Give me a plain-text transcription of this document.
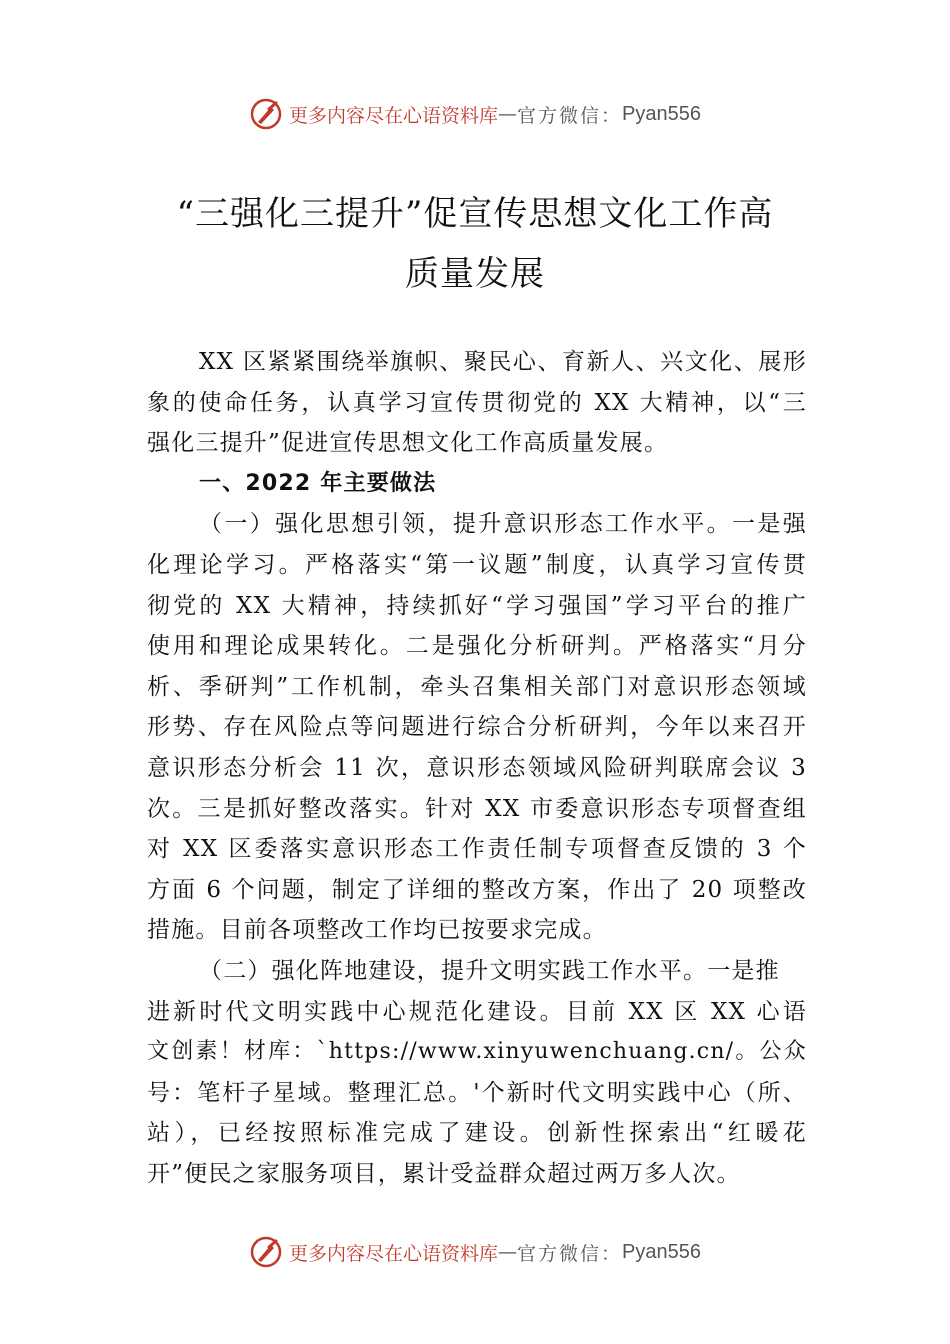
更多内容尽在心语资料库 — 官方微信： Pyan556
“三强化三提升”促宣传思想文化工作高
质量发展
XX 区紧紧围绕举旗帜、聚民心、育新人、兴文化、展形
象的使命任务，认真学习宣传贯彻党的 XX 大精神，以“三
强化三提升”促进宣传思想文化工作高质量发展。
一、2022 年主要做法
（一）强化思想引领，提升意识形态工作水平。一是强
化理论学习。严格落实“第一议题”制度，认真学习宣传贯
彻党的 XX 大精神，持续抓好“学习强国”学习平台的推广
使用和理论成果转化。二是强化分析研判。严格落实“月分
析、季研判”工作机制，牵头召集相关部门对意识形态领域
形势、存在风险点等问题进行综合分析研判，今年以来召开
意识形态分析会 11 次，意识形态领域风险研判联席会议 3
次。三是抓好整改落实。针对 XX 市委意识形态专项督查组
对 XX 区委落实意识形态工作责任制专项督查反馈的 3 个
方面 6 个问题，制定了详细的整改方案，作出了 20 项整改
措施。目前各项整改工作均已按要求完成。
（二）强化阵地建设，提升文明实践工作水平。一是推
进新时代文明实践中心规范化建设。目前 XX 区 XX 心语
文创素！材库：`https://www.xinyuwenchuang.cn/。公众
号：笔杆子星域。整理汇总。'个新时代文明实践中心（所、
站），已经按照标准完成了建设。创新性探索出“红暖花
开”便民之家服务项目，累计受益群众超过两万多人次。
更多内容尽在心语资料库 — 官方微信： Pyan556
